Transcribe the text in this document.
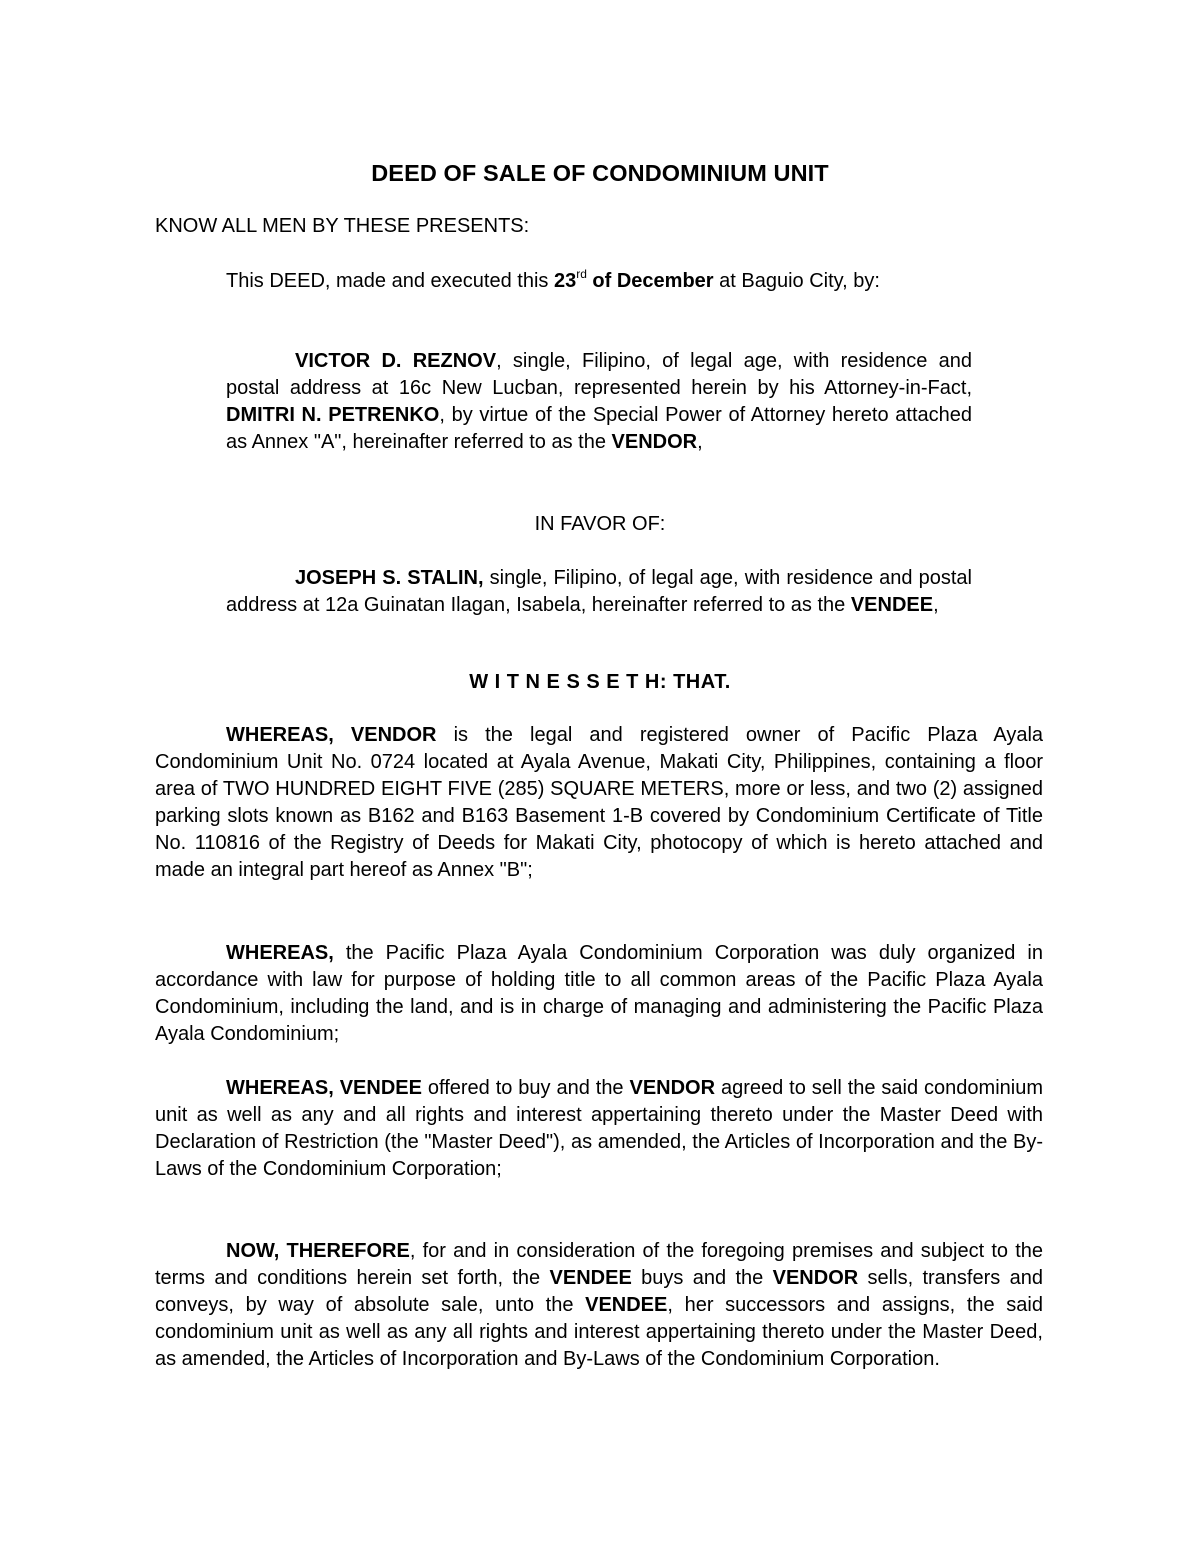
DEED OF SALE OF CONDOMINIUM UNIT
KNOW ALL MEN BY THESE PRESENTS:
This DEED, made and executed this 23rd of December at Baguio City, by:
VICTOR D. REZNOV, single, Filipino, of legal age, with residence and postal address at 16c New Lucban, represented herein by his Attorney-in-Fact, DMITRI N. PETRENKO, by virtue of the Special Power of Attorney hereto attached as Annex "A", hereinafter referred to as the VENDOR,
IN FAVOR OF:
JOSEPH S. STALIN, single, Filipino, of legal age, with residence and postal address at 12a Guinatan Ilagan, Isabela, hereinafter referred to as the VENDEE,
W I T N E S S E T H: THAT.
WHEREAS, VENDOR is the legal and registered owner of Pacific Plaza Ayala Condominium Unit No. 0724 located at Ayala Avenue, Makati City, Philippines, containing a floor area of TWO HUNDRED EIGHT FIVE (285) SQUARE METERS, more or less, and two (2) assigned parking slots known as B162 and B163 Basement 1-B covered by Condominium Certificate of Title No. 110816 of the Registry of Deeds for Makati City, photocopy of which is hereto attached and made an integral part hereof as Annex "B";
WHEREAS, the Pacific Plaza Ayala Condominium Corporation was duly organized in accordance with law for purpose of holding title to all common areas of the Pacific Plaza Ayala Condominium, including the land, and is in charge of managing and administering the Pacific Plaza Ayala Condominium;
WHEREAS, VENDEE offered to buy and the VENDOR agreed to sell the said condominium unit as well as any and all rights and interest appertaining thereto under the Master Deed with Declaration of Restriction (the "Master Deed"), as amended, the Articles of Incorporation and the By-Laws of the Condominium Corporation;
NOW, THEREFORE, for and in consideration of the foregoing premises and subject to the terms and conditions herein set forth, the VENDEE buys and the VENDOR sells, transfers and conveys, by way of absolute sale, unto the VENDEE, her successors and assigns, the said condominium unit as well as any all rights and interest appertaining thereto under the Master Deed, as amended, the Articles of Incorporation and By-Laws of the Condominium Corporation.
